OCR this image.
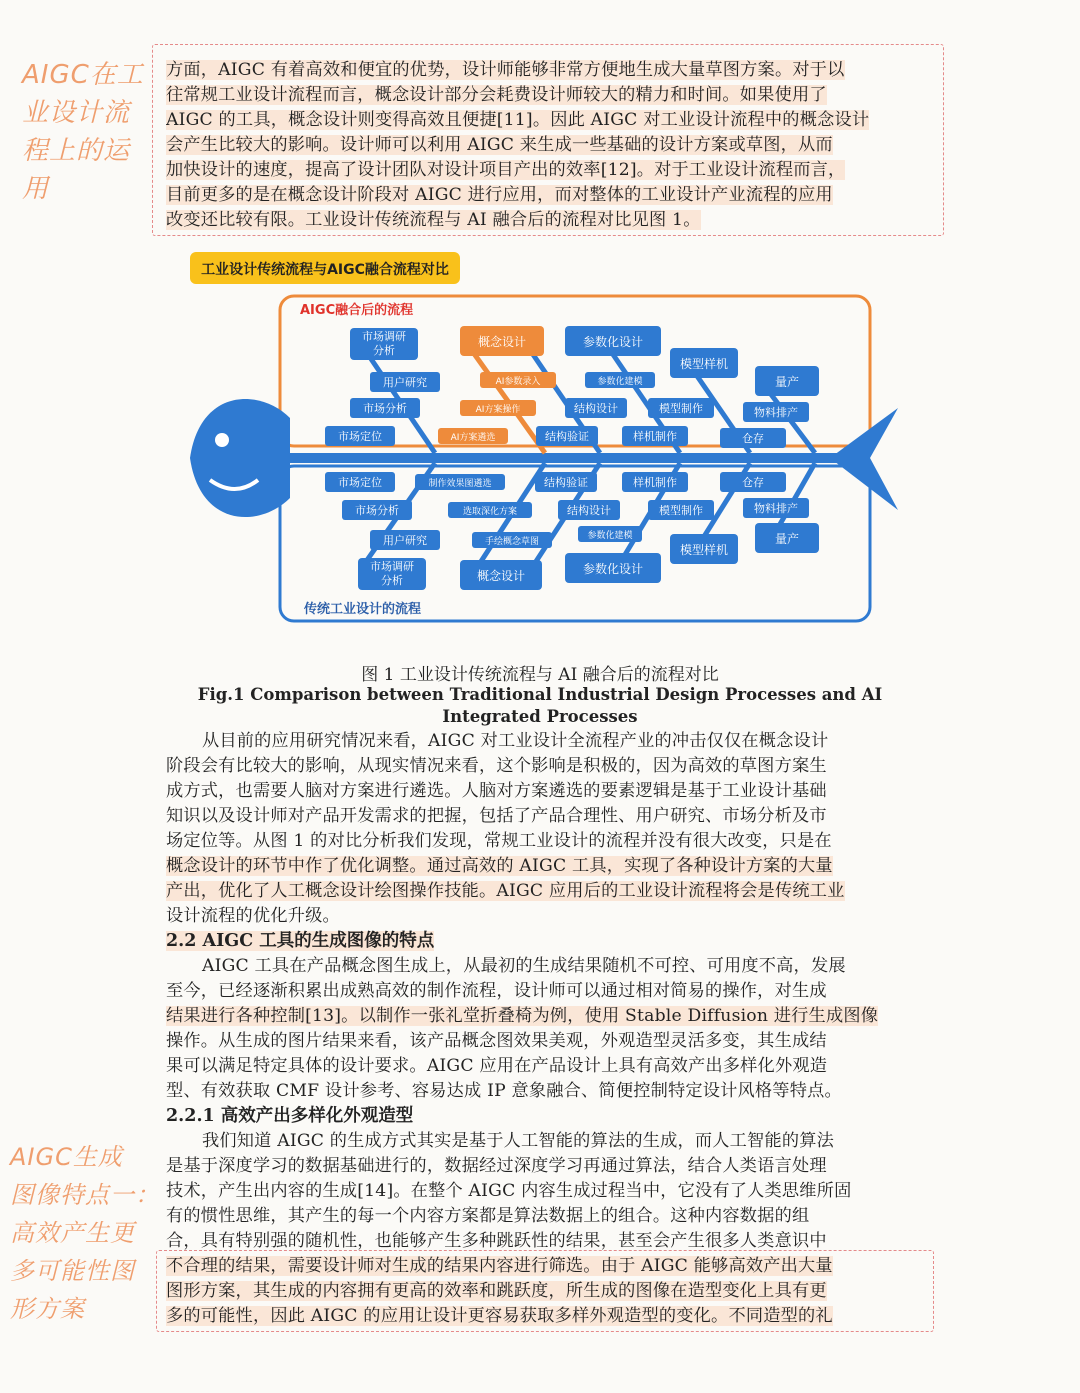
AIGC在工
业设计流
程上的运
用
AIGC生成
图像特点一：
高效产生更
多可能性图
形方案
方面，AIGC 有着高效和便宜的优势，设计师能够非常方便地生成大量草图方案。对于以
往常规工业设计流程而言，概念设计部分会耗费设计师较大的精力和时间。如果使用了
AIGC 的工具，概念设计则变得高效且便捷[11]。因此 AIGC 对工业设计流程中的概念设计
会产生比较大的影响。设计师可以利用 AIGC 来生成一些基础的设计方案或草图，从而
加快设计的速度，提高了设计团队对设计项目产出的效率[12]。对于工业设计流程而言，
目前更多的是在概念设计阶段对 AIGC 进行应用，而对整体的工业设计产业流程的应用
改变还比较有限。工业设计传统流程与 AI 融合后的流程对比见图 1。
工业设计传统流程与AIGC融合流程对比
AIGC融合后的流程
传统工业设计的流程
市场调研
分析
用户研究
市场分析
市场定位
概念设计
AI参数录入
AI方案操作
AI方案遴选
参数化设计
参数化建模
结构设计
结构验证
模型样机
模型制作
样机制作
量产
物料排产
仓存
市场定位
市场分析
用户研究
市场调研
分析
制作效果图遴选
选取深化方案
手绘概念草图
概念设计
结构验证
结构设计
参数化建模
参数化设计
样机制作
模型制作
模型样机
仓存
物料排产
量产

图 1 工业设计传统流程与 AI 融合后的流程对比

Fig.1 Comparison between Traditional Industrial Design Processes and AI Integrated Processes

从目前的应用研究情况来看，AIGC 对工业设计全流程产业的冲击仅仅在概念设计
阶段会有比较大的影响，从现实情况来看，这个影响是积极的，因为高效的草图方案生
成方式，也需要人脑对方案进行遴选。人脑对方案遴选的要素逻辑是基于工业设计基础
知识以及设计师对产品开发需求的把握，包括了产品合理性、用户研究、市场分析及市
场定位等。从图 1 的对比分析我们发现，常规工业设计的流程并没有很大改变，只是在
概念设计的环节中作了优化调整。通过高效的 AIGC 工具，实现了各种设计方案的大量
产出，优化了人工概念设计绘图操作技能。AIGC 应用后的工业设计流程将会是传统工业
设计流程的优化升级。

2.2 AIGC 工具的生成图像的特点

AIGC 工具在产品概念图生成上，从最初的生成结果随机不可控、可用度不高，发展
至今，已经逐渐积累出成熟高效的制作流程，设计师可以通过相对简易的操作，对生成
结果进行各种控制[13]。以制作一张礼堂折叠椅为例，使用 Stable Diffusion 进行生成图像
操作。从生成的图片结果来看，该产品概念图效果美观，外观造型灵活多变，其生成结
果可以满足特定具体的设计要求。AIGC 应用在产品设计上具有高效产出多样化外观造
型、有效获取 CMF 设计参考、容易达成 IP 意象融合、简便控制特定设计风格等特点。

2.2.1 高效产出多样化外观造型

我们知道 AIGC 的生成方式其实是基于人工智能的算法的生成，而人工智能的算法
是基于深度学习的数据基础进行的，数据经过深度学习再通过算法，结合人类语言处理
技术，产生出内容的生成[14]。在整个 AIGC 内容生成过程当中，它没有了人类思维所固
有的惯性思维，其产生的每一个内容方案都是算法数据上的组合。这种内容数据的组
合，具有特别强的随机性，也能够产生多种跳跃性的结果，甚至会产生很多人类意识中
不合理的结果，需要设计师对生成的结果内容进行筛选。由于 AIGC 能够高效产出大量
图形方案，其生成的内容拥有更高的效率和跳跃度，所生成的图像在造型变化上具有更
多的可能性，因此 AIGC 的应用让设计更容易获取多样外观造型的变化。不同造型的礼
